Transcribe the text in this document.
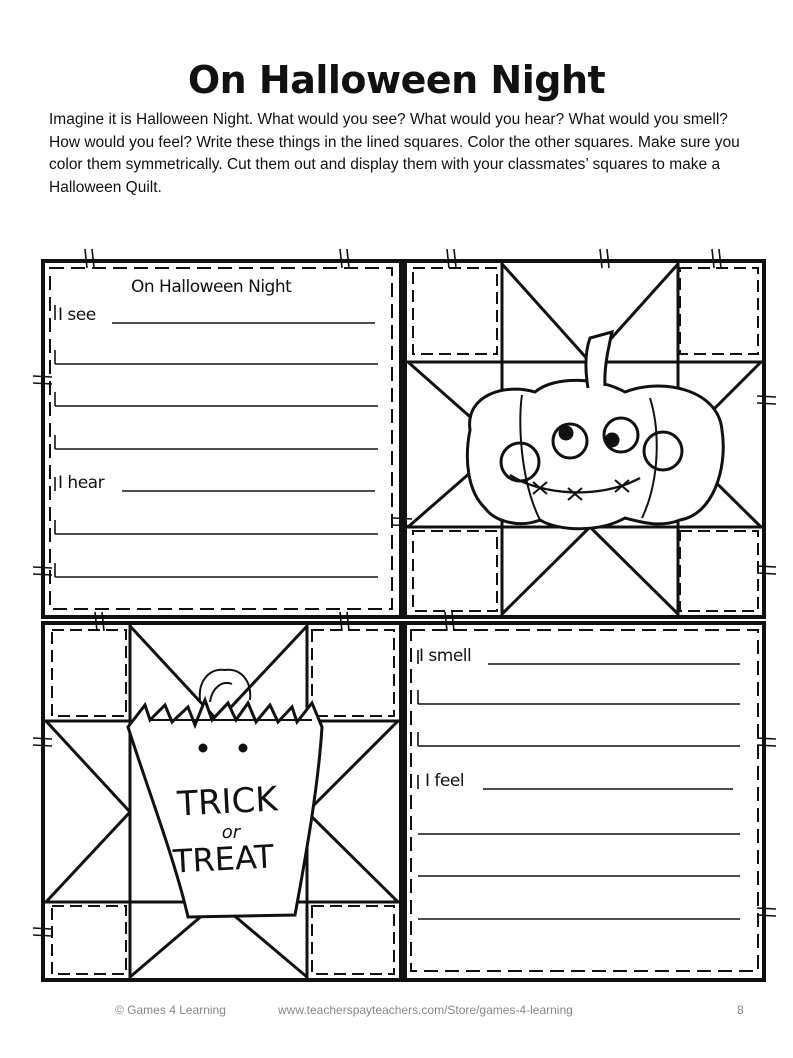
On Halloween Night
Imagine it is Halloween Night. What would you see? What would you hear? What would you smell? How would you feel? Write these things in the lined squares. Color the other squares. Make sure you color them symmetrically. Cut them out and display them with your classmates’ squares to make a Halloween Quilt.
TRICK
or
TREAT
On Halloween Night
I see
I hear
I smell
I feel
© Games 4 Learning	www.teacherspayteachers.com/Store/games-4-learning	8
